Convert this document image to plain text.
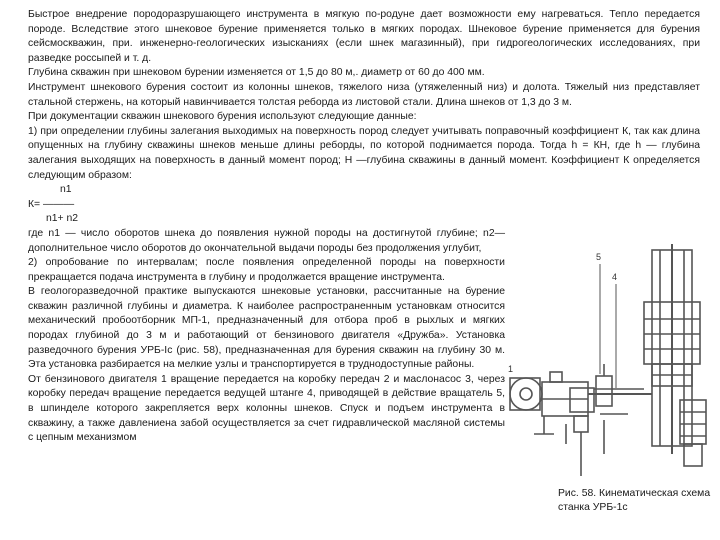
Быстрое внедрение породоразрушающего инструмента в мягкую по-родуне дает возможности ему нагреваться. Тепло передается породе. Вследствие этого шнековое бурение применяется только в мягких породах. Шнековое бурение применяется для бурения сейсмоскважин, при. инженерно-геологических изысканиях (если шнек магазинный), при гидрогеологических исследованиях, при разведке россыпей и т. д.

Глубина скважин при шнековом бурении изменяется от 1,5 до 80 м,. диаметр от 60 до 400 мм.

Инструмент шнекового бурения состоит из колонны шнеков, тяжелого низа (утяжеленный низ) и долота. Тяжелый низ представляет стальной стержень, на который навинчивается толстая реборда из листовой стали. Длина шнеков от 1,3 до 3 м.

При документации скважин шнекового бурения используют следующие данные:

1) при определении глубины залегания выходимых на поверхность пород следует учитывать поправочный коэффициент К, так как длина опущенных на глубину скважины шнеков меньше длины реборды, по которой поднимается порода. Тогда h = КН, где h — глубина залегания выходящих на поверхность в данный момент пород; Н —глубина скважины в данный момент. Коэффициент К определяется следующим образом:

n1

К= ———

n1+ n2

где n1 — число оборотов шнека до появления нужной породы на достигнутой глубине; n2—дополнительное число оборотов до окончательной выдачи породы без продолжения углубит,

2) опробование по интервалам; после появления определенной породы на поверхности прекращается подача инструмента в глубину и продолжается вращение инструмента.

В геологоразведочной практике выпускаются шнековые установки, рассчитанные на бурение скважин различной глубины и диаметра. К наиболее распространенным установкам относится механический пробоотборник МП-1, предназначенный для отбора проб в рыхлых и мягких породах глубиной до 3 м и работающий от бензинового двигателя «Дружба». Установка разведочного бурения УРБ-Іс (рис. 58), предназначенная для бурения скважин на глубину 30 м. Эта установка разбирается на мелкие узлы и транспортируется в труднодоступные районы.

От бензинового двигателя 1 вращение передается на коробку передач 2 и маслонасос 3, через коробку передач вращение передается ведущей штанге 4, приводящей в действие вращатель 5, в шпинделе которого закрепляется верх колонны шнеков. Спуск и подъем инструмента в скважину, а также давлениена забой осуществляется за счет гидравлической масляной системы с цепным механизмом

5
4
1
Рис. 58. Кинематическая схема станка УРБ-1с
